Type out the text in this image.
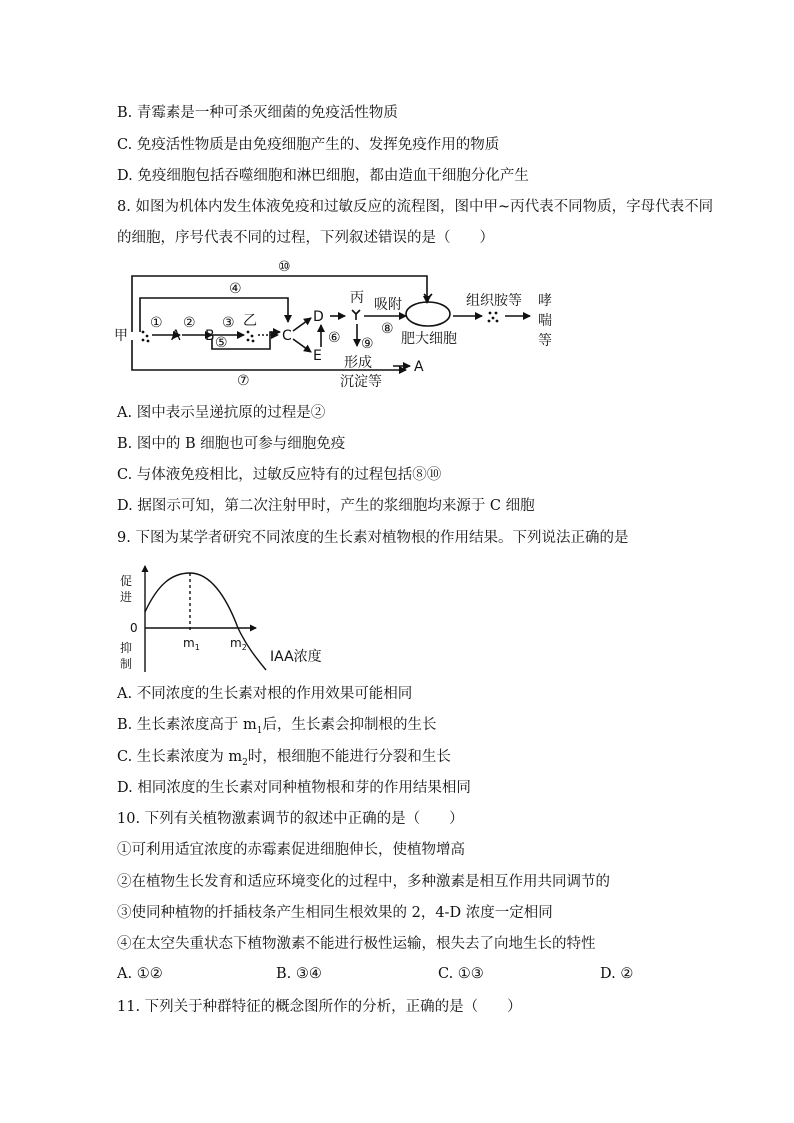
B. 青霉素是一种可杀灭细菌的免疫活性物质
C. 免疫活性物质是由免疫细胞产生的、发挥免疫作用的物质
D. 免疫细胞包括吞噬细胞和淋巴细胞，都由造血干细胞分化产生
8. 如图为机体内发生体液免疫和过敏反应的流程图，图中甲~丙代表不同物质，字母代表不同
的细胞，序号代表不同的过程，下列叙述错误的是（　　）
甲	A B
乙
C
D
E
丙 吸附
肥大细胞
组织胺等 哮
喘
等
形成
沉淀等
A
① ② ③
④
⑤	⑥
⑦
⑧
⑨
⑩
A. 图中表示呈递抗原的过程是②
B. 图中的 B 细胞也可参与细胞免疫
C. 与体液免疫相比，过敏反应特有的过程包括⑧⑩
D. 据图示可知，第二次注射甲时，产生的浆细胞均来源于 C 细胞
9. 下图为某学者研究不同浓度的生长素对植物根的作用结果。下列说法正确的是
促
进
0
抑
制
$m_1$	$m_2$
IAA浓度
A. 不同浓度的生长素对根的作用效果可能相同
B. 生长素浓度高于 $m_1$后，生长素会抑制根的生长
C. 生长素浓度为 $m_2$时，根细胞不能进行分裂和生长
D. 相同浓度的生长素对同种植物根和芽的作用结果相同
10. 下列有关植物激素调节的叙述中正确的是（　　）
①可利用适宜浓度的赤霉素促进细胞伸长，使植物增高
②在植物生长发育和适应环境变化的过程中，多种激素是相互作用共同调节的
③使同种植物的扦插枝条产生相同生根效果的 2，4-D 浓度一定相同
④在太空失重状态下植物激素不能进行极性运输，根失去了向地生长的特性
A. ①②	B. ③④	C. ①③	D. ②
11. 下列关于种群特征的概念图所作的分析，正确的是（　　）
